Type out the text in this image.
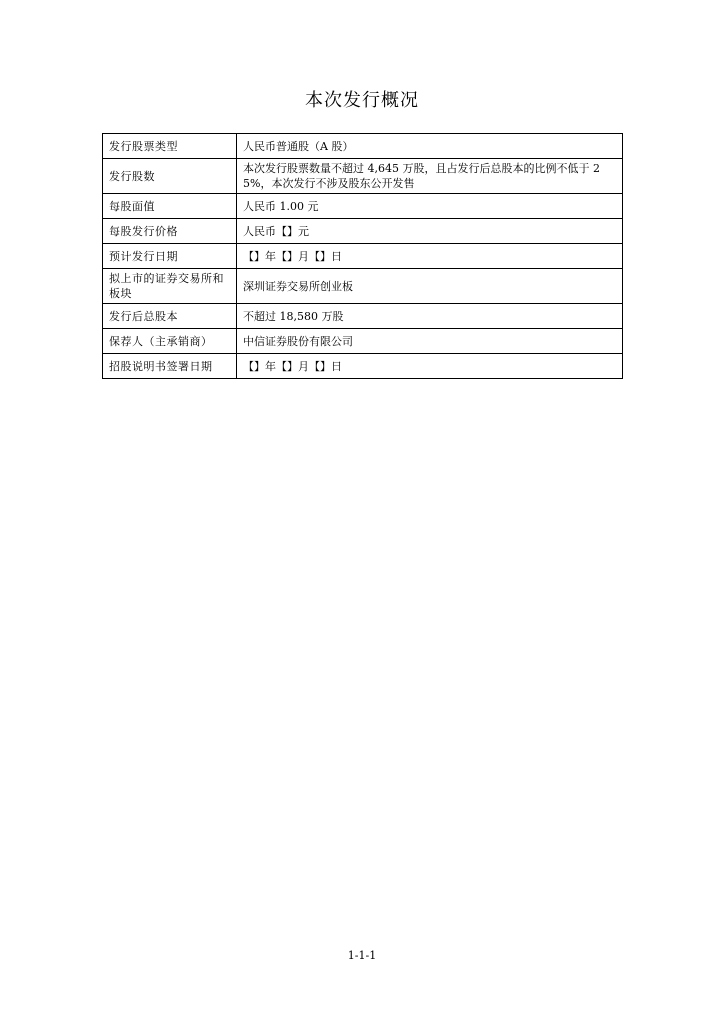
本次发行概况
发行股票类型	人民币普通股（A 股）
发行股数	本次发行股票数量不超过 4,645 万股，且占发行后总股本的比例不低于 25%，本次发行不涉及股东公开发售
每股面值	人民币 1.00 元
每股发行价格	人民币【】元
预计发行日期	【】年【】月【】日
拟上市的证券交易所和板块	深圳证券交易所创业板
发行后总股本	不超过 18,580 万股
保荐人（主承销商）	中信证券股份有限公司
招股说明书签署日期	【】年【】月【】日
1-1-1
